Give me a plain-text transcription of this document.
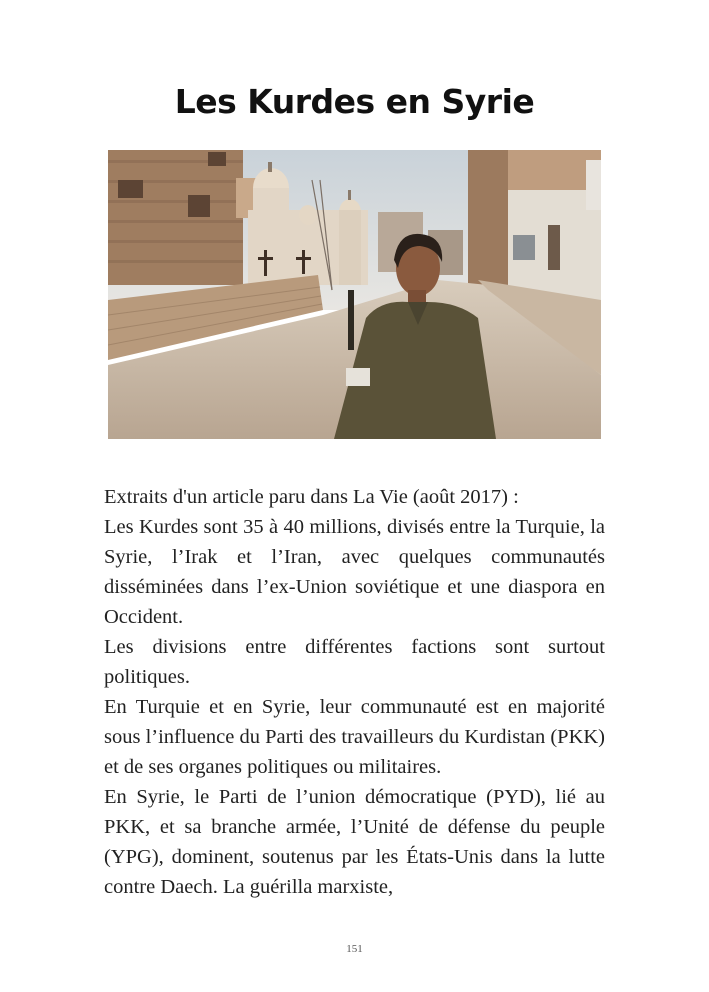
Les Kurdes en Syrie

Extraits d'un article paru dans La Vie (août 2017) :

Les Kurdes sont 35 à 40 millions, divisés entre la Turquie, la Syrie, l’Irak et l’Iran, avec quelques communautés disséminées dans l’ex-Union soviétique et une diaspora en Occident.

Les divisions entre différentes factions sont surtout politiques.

En Turquie et en Syrie, leur communauté est en majorité sous l’influence du Parti des travailleurs du Kurdistan (PKK) et de ses organes politiques ou militaires.

En Syrie, le Parti de l’union démocratique (PYD), lié au PKK, et sa branche armée, l’Unité de défense du peuple (YPG), dominent, soutenus par les États-Unis dans la lutte contre Daech. La guérilla marxiste,

151
